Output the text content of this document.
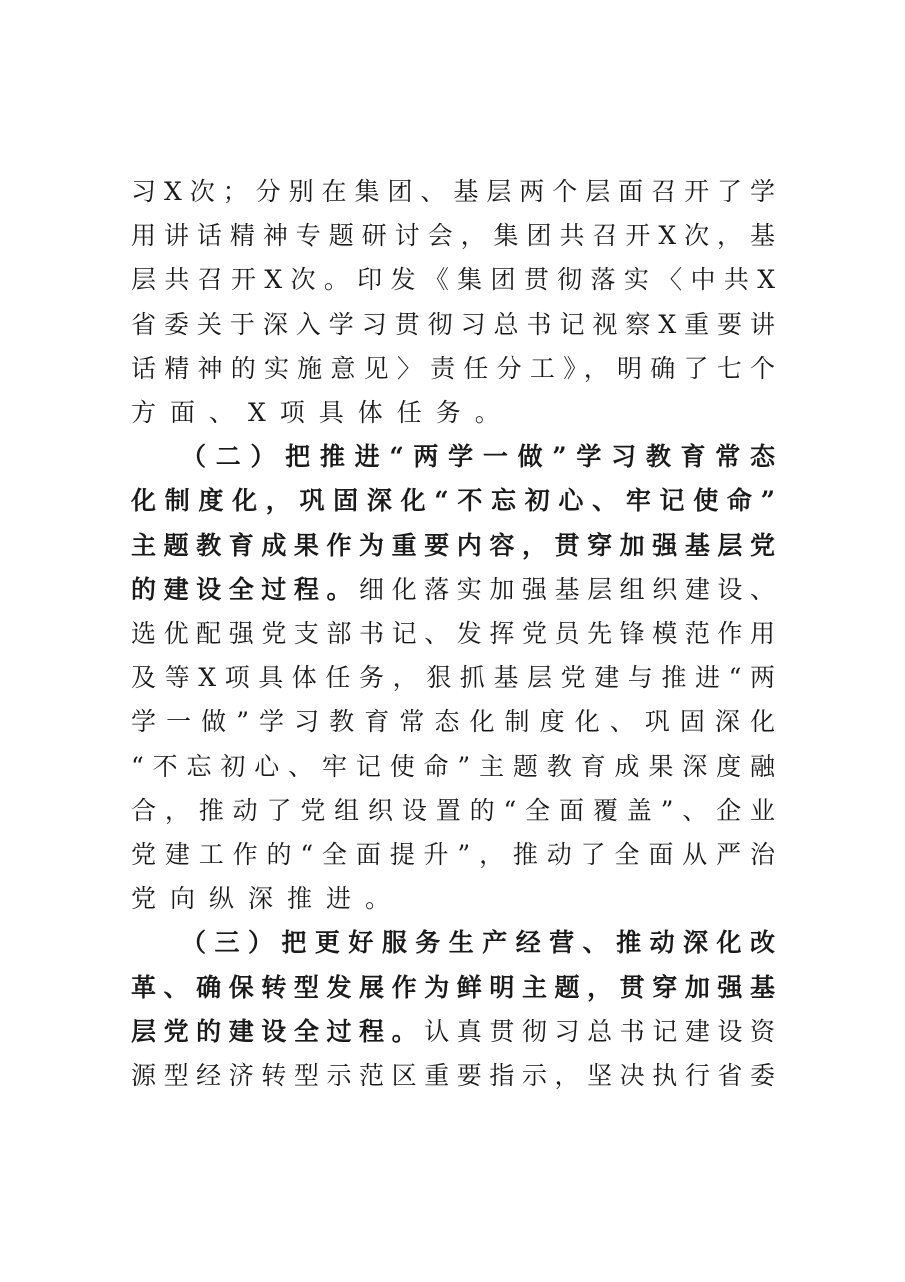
习X次；分别在集团、基层两个层面召开了学
用讲话精神专题研讨会，集团共召开X次，基
层共召开X次。印发《集团贯彻落实〈中共X
省委关于深入学习贯彻习总书记视察X重要讲
话精神的实施意见〉责任分工》，明确了七个
方面、X项具体任务。
（二）把推进“两学一做”学习教育常态
化制度化，巩固深化“不忘初心、牢记使命”
主题教育成果作为重要内容，贯穿加强基层党
的建设全过程。细化落实加强基层组织建设、
选优配强党支部书记、发挥党员先锋模范作用
及等X项具体任务，狠抓基层党建与推进“两
学一做”学习教育常态化制度化、巩固深化
“不忘初心、牢记使命”主题教育成果深度融
合，推动了党组织设置的“全面覆盖”、企业
党建工作的“全面提升”，推动了全面从严治
党向纵深推进。
（三）把更好服务生产经营、推动深化改
革、确保转型发展作为鲜明主题，贯穿加强基
层党的建设全过程。认真贯彻习总书记建设资
源型经济转型示范区重要指示，坚决执行省委
